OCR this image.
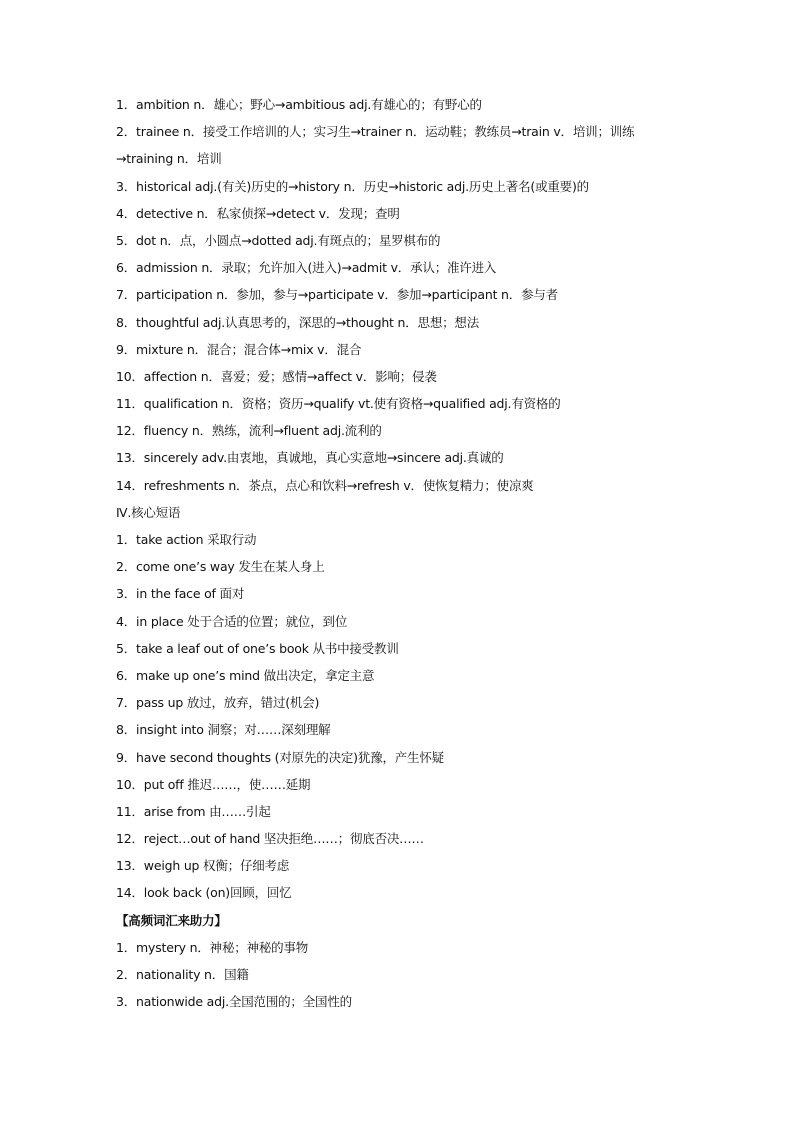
1．ambition n．雄心；野心→ambitious adj.有雄心的；有野心的
2．trainee n．接受工作培训的人；实习生→trainer n．运动鞋；教练员→train v．培训；训练
→training n．培训
3．historical adj.(有关)历史的→history n．历史→historic adj.历史上著名(或重要)的
4．detective n．私家侦探→detect v．发现；查明
5．dot n．点，小圆点→dotted adj.有斑点的；星罗棋布的
6．admission n．录取；允许加入(进入)→admit v．承认；准许进入
7．participation n．参加，参与→participate v．参加→participant n．参与者
8．thoughtful adj.认真思考的，深思的→thought n．思想；想法
9．mixture n．混合；混合体→mix v．混合
10．affection n．喜爱；爱；感情→affect v．影响；侵袭
11．qualification n．资格；资历→qualify vt.使有资格→qualified adj.有资格的
12．fluency n．熟练，流利→fluent adj.流利的
13．sincerely adv.由衷地，真诚地，真心实意地→sincere adj.真诚的
14．refreshments n．茶点，点心和饮料→refresh v．使恢复精力；使凉爽
Ⅳ.核心短语
1．take action 采取行动
2．come one’s way 发生在某人身上
3．in the face of 面对
4．in place 处于合适的位置；就位，到位
5．take a leaf out of one’s book 从书中接受教训
6．make up one’s mind 做出决定，拿定主意
7．pass up 放过，放弃，错过(机会)
8．insight into 洞察；对……深刻理解
9．have second thoughts (对原先的决定)犹豫，产生怀疑
10．put off 推迟……，使……延期
11．arise from 由……引起
12．reject…out of hand 坚决拒绝……；彻底否决……
13．weigh up 权衡；仔细考虑
14．look back (on)回顾，回忆
【高频词汇来助力】
1．mystery n．神秘；神秘的事物
2．nationality n．国籍
3．nationwide adj.全国范围的；全国性的
